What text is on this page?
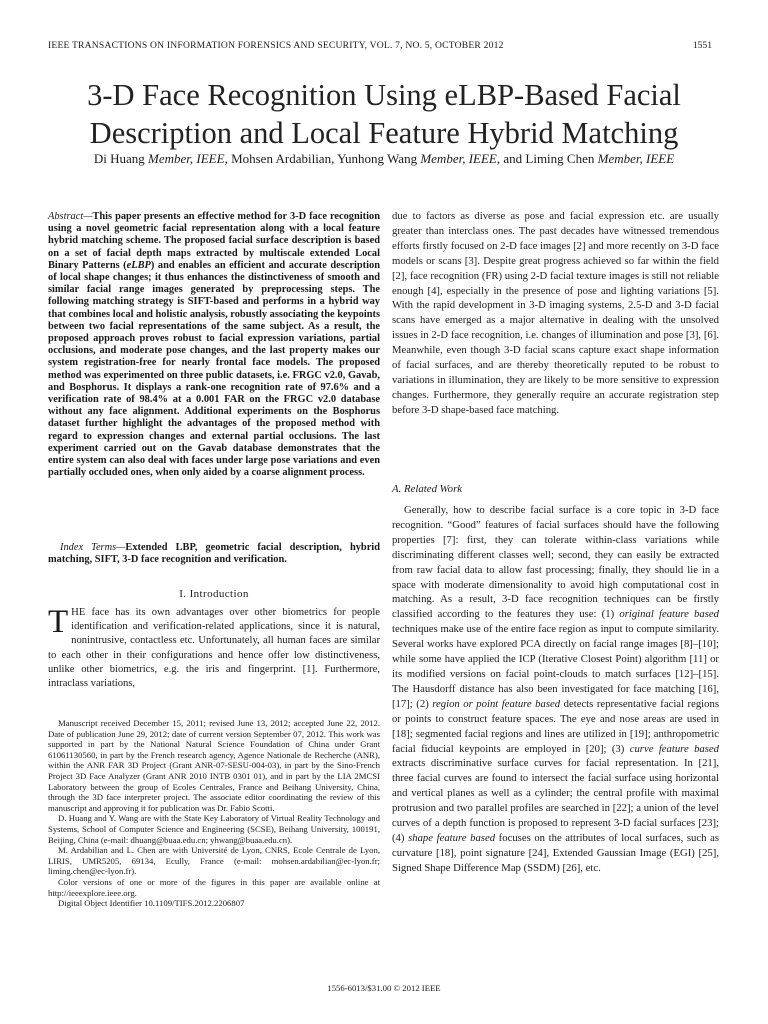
IEEE TRANSACTIONS ON INFORMATION FORENSICS AND SECURITY, VOL. 7, NO. 5, OCTOBER 2012	1551
3-D Face Recognition Using eLBP-Based Facial Description and Local Feature Hybrid Matching
Di Huang Member, IEEE, Mohsen Ardabilian, Yunhong Wang Member, IEEE, and Liming Chen Member, IEEE

Abstract—This paper presents an effective method for 3-D face recognition using a novel geometric facial representation along with a local feature hybrid matching scheme. The proposed facial surface description is based on a set of facial depth maps extracted by multiscale extended Local Binary Patterns (eLBP) and enables an efficient and accurate description of local shape changes; it thus enhances the distinctiveness of smooth and similar facial range images generated by preprocessing steps. The following matching strategy is SIFT-based and performs in a hybrid way that combines local and holistic analysis, robustly associating the keypoints between two facial representations of the same subject. As a result, the proposed approach proves robust to facial expression variations, partial occlusions, and moderate pose changes, and the last property makes our system registration-free for nearly frontal face models. The proposed method was experimented on three public datasets, i.e. FRGC v2.0, Gavab, and Bosphorus. It displays a rank-one recognition rate of 97.6% and a verification rate of 98.4% at a 0.001 FAR on the FRGC v2.0 database without any face alignment. Additional experiments on the Bosphorus dataset further highlight the advantages of the proposed method with regard to expression changes and external partial occlusions. The last experiment carried out on the Gavab database demonstrates that the entire system can also deal with faces under large pose variations and even partially occluded ones, when only aided by a coarse alignment process.

Index Terms—Extended LBP, geometric facial description, hybrid matching, SIFT, 3-D face recognition and verification.

I. Introduction

THE face has its own advantages over other biometrics for people identification and verification-related applications, since it is natural, nonintrusive, contactless etc. Unfortunately, all human faces are similar to each other in their configurations and hence offer low distinctiveness, unlike other biometrics, e.g. the iris and fingerprint. [1]. Furthermore, intraclass variations,

Manuscript received December 15, 2011; revised June 13, 2012; accepted June 22, 2012. Date of publication June 29, 2012; date of current version September 07, 2012. This work was supported in part by the National Natural Science Foundation of China under Grant 61061130560, in part by the French research agency, Agence Nationale de Recherche (ANR), within the ANR FAR 3D Project (Grant ANR-07-SESU-004-03), in part by the Sino-French Project 3D Face Analyzer (Grant ANR 2010 INTB 0301 01), and in part by the LIA 2MCSI Laboratory between the group of Ecoles Centrales, France and Beihang University, China, through the 3D face interpreter project. The associate editor coordinating the review of this manuscript and approving it for publication was Dr. Fabio Scotti.

D. Huang and Y. Wang are with the State Key Laboratory of Virtual Reality Technology and Systems, School of Computer Science and Engineering (SCSE), Beihang University, 100191, Beijing, China (e-mail: dhuang@buaa.edu.cn; yhwang@buaa.edu.cn).

M. Ardabilian and L. Chen are with Université de Lyon, CNRS, Ecole Centrale de Lyon, LIRIS, UMR5205, 69134, Ecully, France (e-mail: mohsen.ardabilian@ec-lyon.fr; liming.chen@ec-lyon.fr).

Color versions of one or more of the figures in this paper are available online at http://ieeexplore.ieee.org.

Digital Object Identifier 10.1109/TIFS.2012.2206807

due to factors as diverse as pose and facial expression etc. are usually greater than interclass ones. The past decades have witnessed tremendous efforts firstly focused on 2-D face images [2] and more recently on 3-D face models or scans [3]. Despite great progress achieved so far within the field [2], face recognition (FR) using 2-D facial texture images is still not reliable enough [4], especially in the presence of pose and lighting variations [5]. With the rapid development in 3-D imaging systems, 2.5-D and 3-D facial scans have emerged as a major alternative in dealing with the unsolved issues in 2-D face recognition, i.e. changes of illumination and pose [3], [6]. Meanwhile, even though 3-D facial scans capture exact shape information of facial surfaces, and are thereby theoretically reputed to be robust to variations in illumination, they are likely to be more sensitive to expression changes. Furthermore, they generally require an accurate registration step before 3-D shape-based face matching.

A. Related Work

Generally, how to describe facial surface is a core topic in 3-D face recognition. “Good” features of facial surfaces should have the following properties [7]: first, they can tolerate within-class variations while discriminating different classes well; second, they can easily be extracted from raw facial data to allow fast processing; finally, they should lie in a space with moderate dimensionality to avoid high computational cost in matching. As a result, 3-D face recognition techniques can be firstly classified according to the features they use: (1) original feature based techniques make use of the entire face region as input to compute similarity. Several works have explored PCA directly on facial range images [8]–[10]; while some have applied the ICP (Iterative Closest Point) algorithm [11] or its modified versions on facial point-clouds to match surfaces [12]–[15]. The Hausdorff distance has also been investigated for face matching [16], [17]; (2) region or point feature based detects representative facial regions or points to construct feature spaces. The eye and nose areas are used in [18]; segmented facial regions and lines are utilized in [19]; anthropometric facial fiducial keypoints are employed in [20]; (3) curve feature based extracts discriminative surface curves for facial representation. In [21], three facial curves are found to intersect the facial surface using horizontal and vertical planes as well as a cylinder; the central profile with maximal protrusion and two parallel profiles are searched in [22]; a union of the level curves of a depth function is proposed to represent 3-D facial surfaces [23]; (4) shape feature based focuses on the attributes of local surfaces, such as curvature [18], point signature [24], Extended Gaussian Image (EGI) [25], Signed Shape Difference Map (SSDM) [26], etc.

1556-6013/$31.00 © 2012 IEEE
